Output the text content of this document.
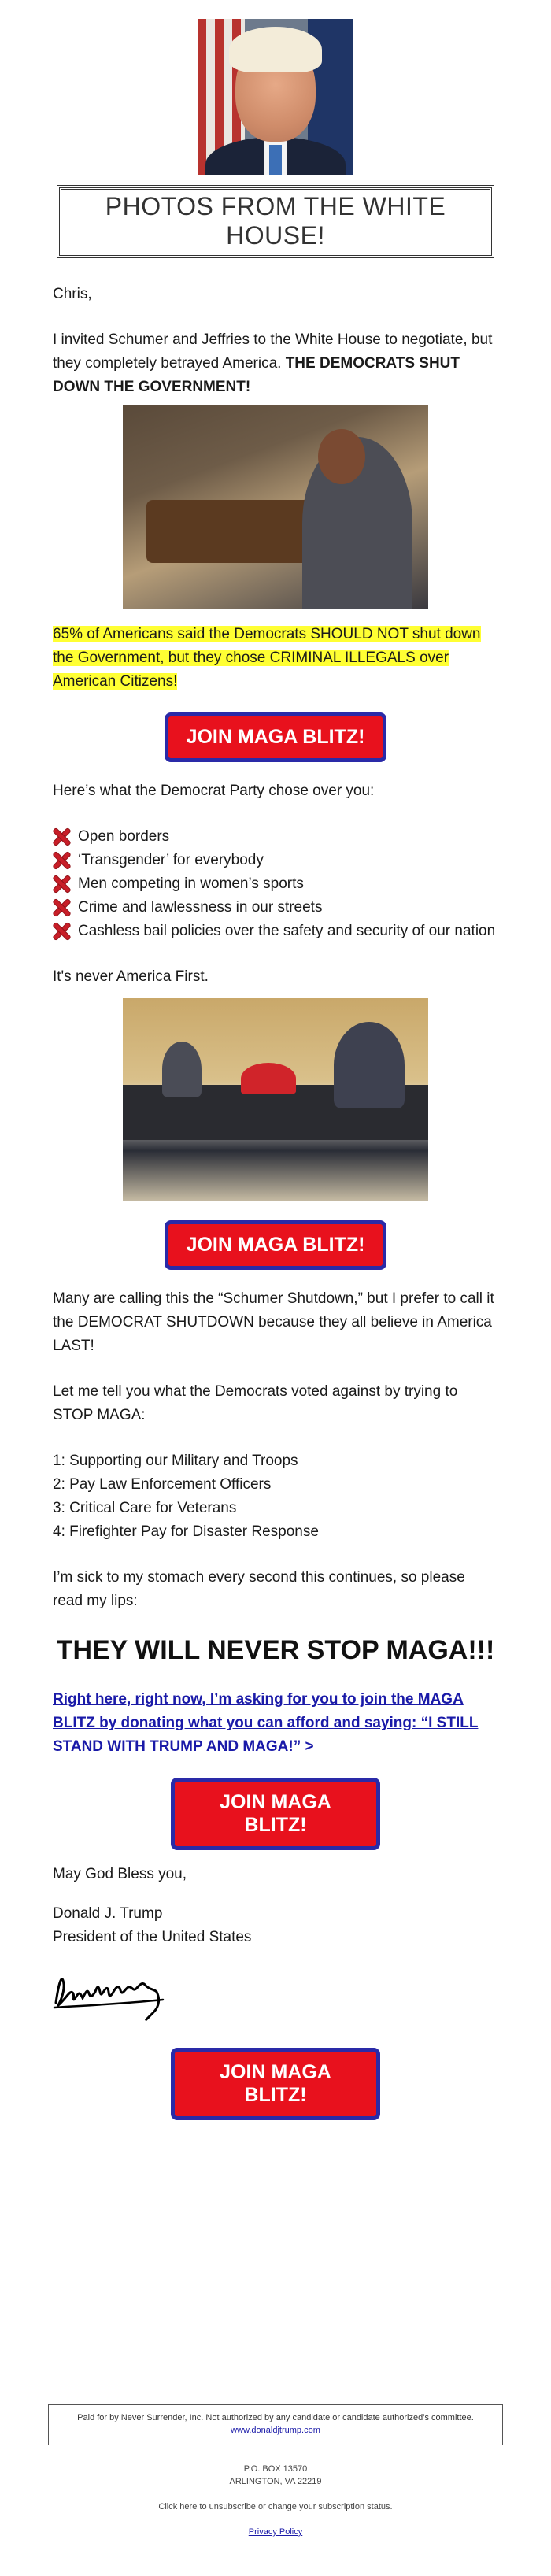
PHOTOS FROM THE WHITE HOUSE!

Chris,

I invited Schumer and Jeffries to the White House to negotiate, but they completely betrayed America. THE DEMOCRATS SHUT DOWN THE GOVERNMENT!

65% of Americans said the Democrats SHOULD NOT shut down the Government, but they chose CRIMINAL ILLEGALS over American Citizens!

JOIN MAGA BLITZ!

Here’s what the Democrat Party chose over you:

Open borders
‘Transgender’ for everybody
Men competing in women’s sports
Crime and lawlessness in our streets
Cashless bail policies over the safety and security of our nation

It's never America First.

JOIN MAGA BLITZ!

Many are calling this the “Schumer Shutdown,” but I prefer to call it the DEMOCRAT SHUTDOWN because they all believe in America LAST!

Let me tell you what the Democrats voted against by trying to STOP MAGA:

1: Supporting our Military and Troops

2: Pay Law Enforcement Officers

3: Critical Care for Veterans

4: Firefighter Pay for Disaster Response

I’m sick to my stomach every second this continues, so please read my lips:

THEY WILL NEVER STOP MAGA!!!

Right here, right now, I’m asking for you to join the MAGA BLITZ by donating what you can afford and saying: “I STILL STAND WITH TRUMP AND MAGA!” >

JOIN MAGA BLITZ!

May God Bless you,

Donald J. Trump

President of the United States

JOIN MAGA BLITZ!
Paid for by Never Surrender, Inc. Not authorized by any candidate or candidate authorized’s committee.
www.donaldjtrump.com
P.O. BOX 13570
ARLINGTON, VA 22219
Click here to unsubscribe or change your subscription status.
Privacy Policy
